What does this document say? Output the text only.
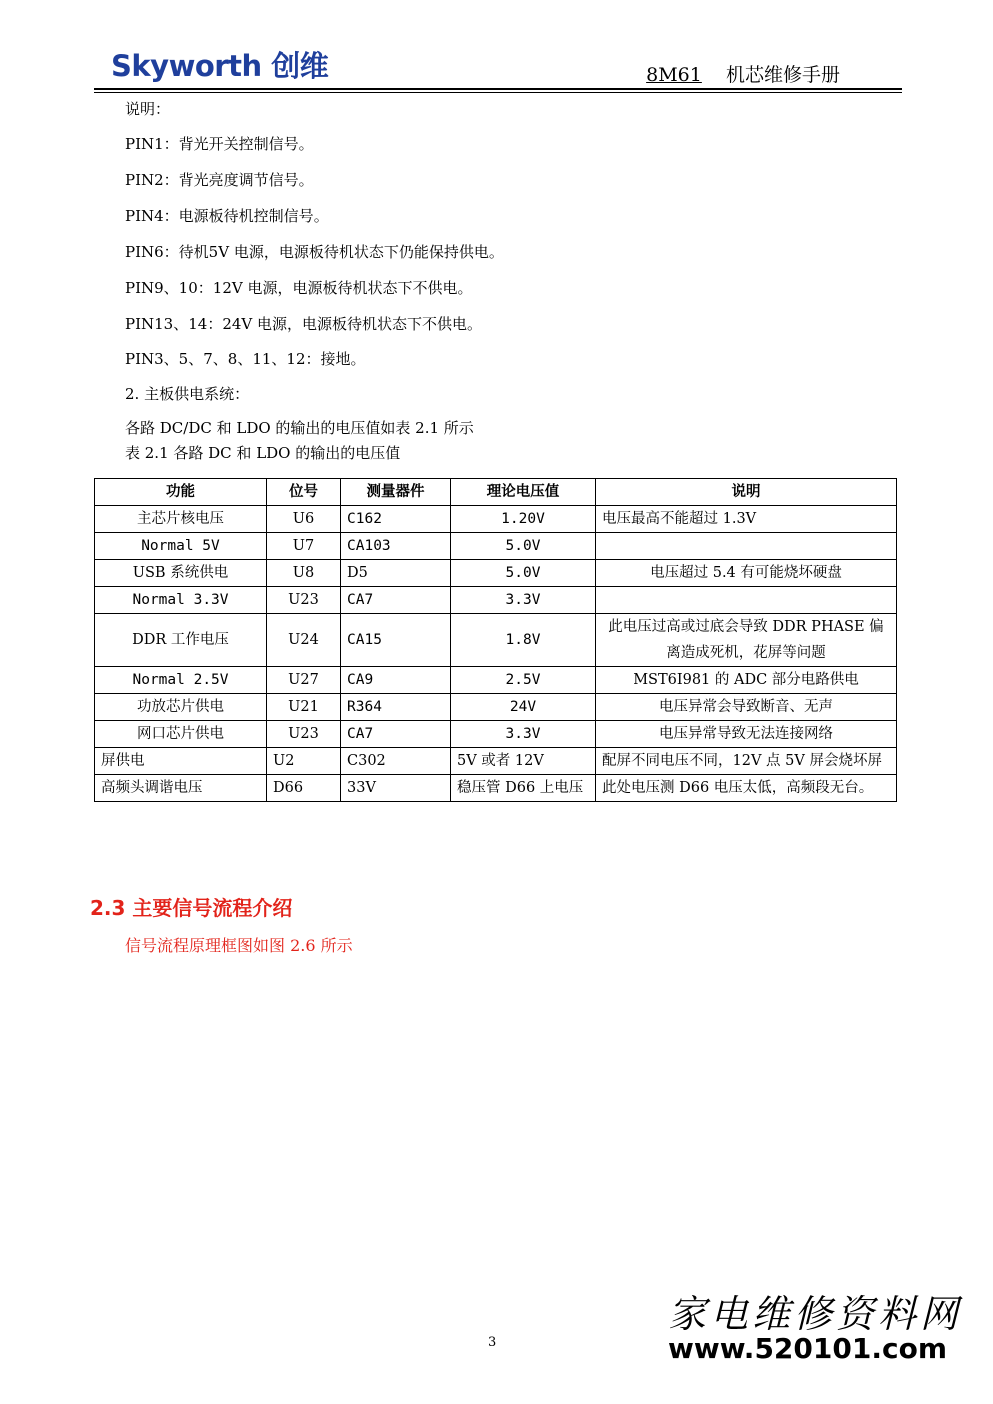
Skyworth 创维	8M61 机芯维修手册
说明：
PIN1：背光开关控制信号。
PIN2：背光亮度调节信号。
PIN4：电源板待机控制信号。
PIN6：待机5V 电源，电源板待机状态下仍能保持供电。
PIN9、10：12V 电源，电源板待机状态下不供电。
PIN13、14：24V 电源，电源板待机状态下不供电。
PIN3、5、7、8、11、12：接地。
2. 主板供电系统：
各路 DC/DC 和 LDO 的输出的电压值如表 2.1 所示
表 2.1 各路 DC 和 LDO 的输出的电压值
功能	位号	测量器件	理论电压值	说明
主芯片核电压	U6	C162	1.20V	电压最高不能超过 1.3V
Normal 5V	U7	CA103	5.0V	
USB 系统供电	U8	D5	5.0V	电压超过 5.4 有可能烧坏硬盘
Normal 3.3V	U23	CA7	3.3V	
DDR 工作电压	U24	CA15	1.8V	此电压过高或过底会导致 DDR PHASE 偏离造成死机，花屏等问题
Normal 2.5V	U27	CA9	2.5V	MST6I981 的 ADC 部分电路供电
功放芯片供电	U21	R364	24V	电压异常会导致断音、无声
网口芯片供电	U23	CA7	3.3V	电压异常导致无法连接网络
屏供电	U2	C302	5V 或者 12V	配屏不同电压不同，12V 点 5V 屏会烧坏屏
高频头调谐电压	D66	33V	稳压管 D66 上电压	此处电压测 D66 电压太低，高频段无台。
2.3 主要信号流程介绍
信号流程原理框图如图 2.6 所示
3
家电维修资料网
www.520101.com
